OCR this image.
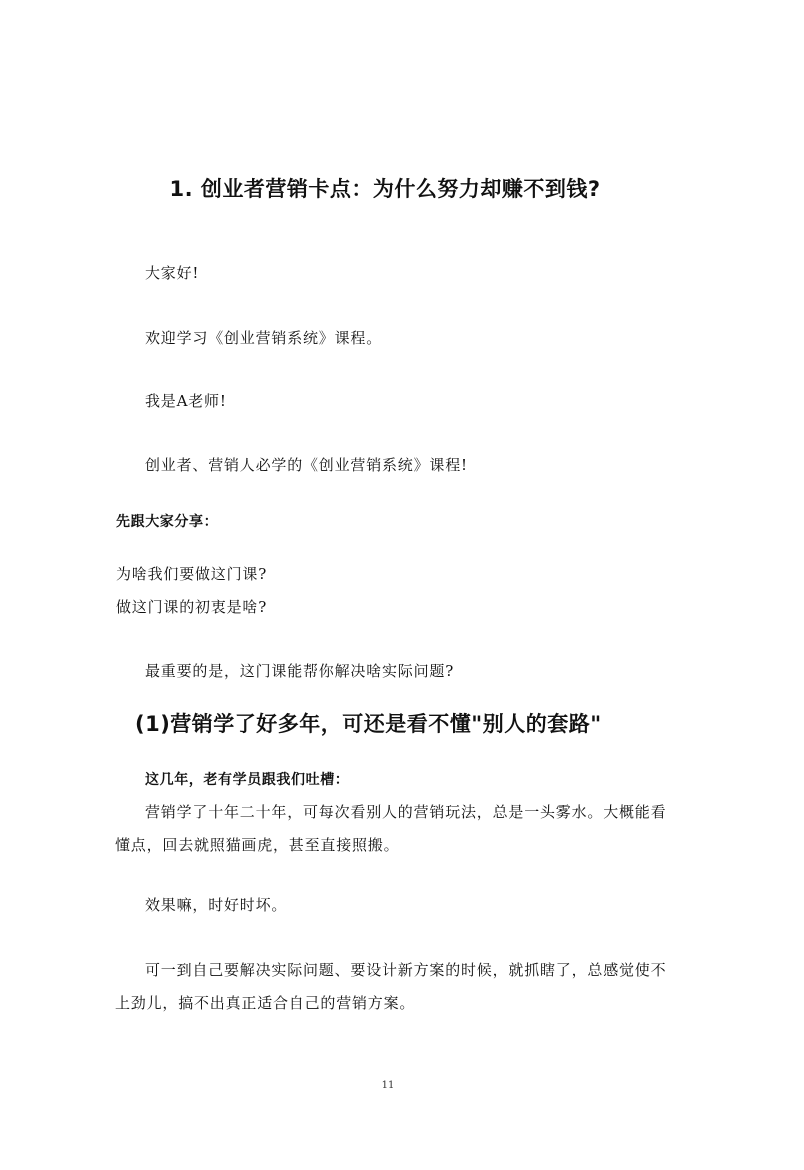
1. 创业者营销卡点：为什么努力却赚不到钱?
大家好!
欢迎学习《创业营销系统》课程。
我是A老师!
创业者、营销人必学的《创业营销系统》课程!
先跟大家分享：
为啥我们要做这门课?
做这门课的初衷是啥?
最重要的是，这门课能帮你解决啥实际问题?
(1)营销学了好多年，可还是看不懂"别人的套路"
这几年，老有学员跟我们吐槽：
营销学了十年二十年，可每次看别人的营销玩法，总是一头雾水。大概能看懂点，回去就照猫画虎，甚至直接照搬。
效果嘛，时好时坏。
可一到自己要解决实际问题、要设计新方案的时候，就抓瞎了，总感觉使不上劲儿，搞不出真正适合自己的营销方案。
11
